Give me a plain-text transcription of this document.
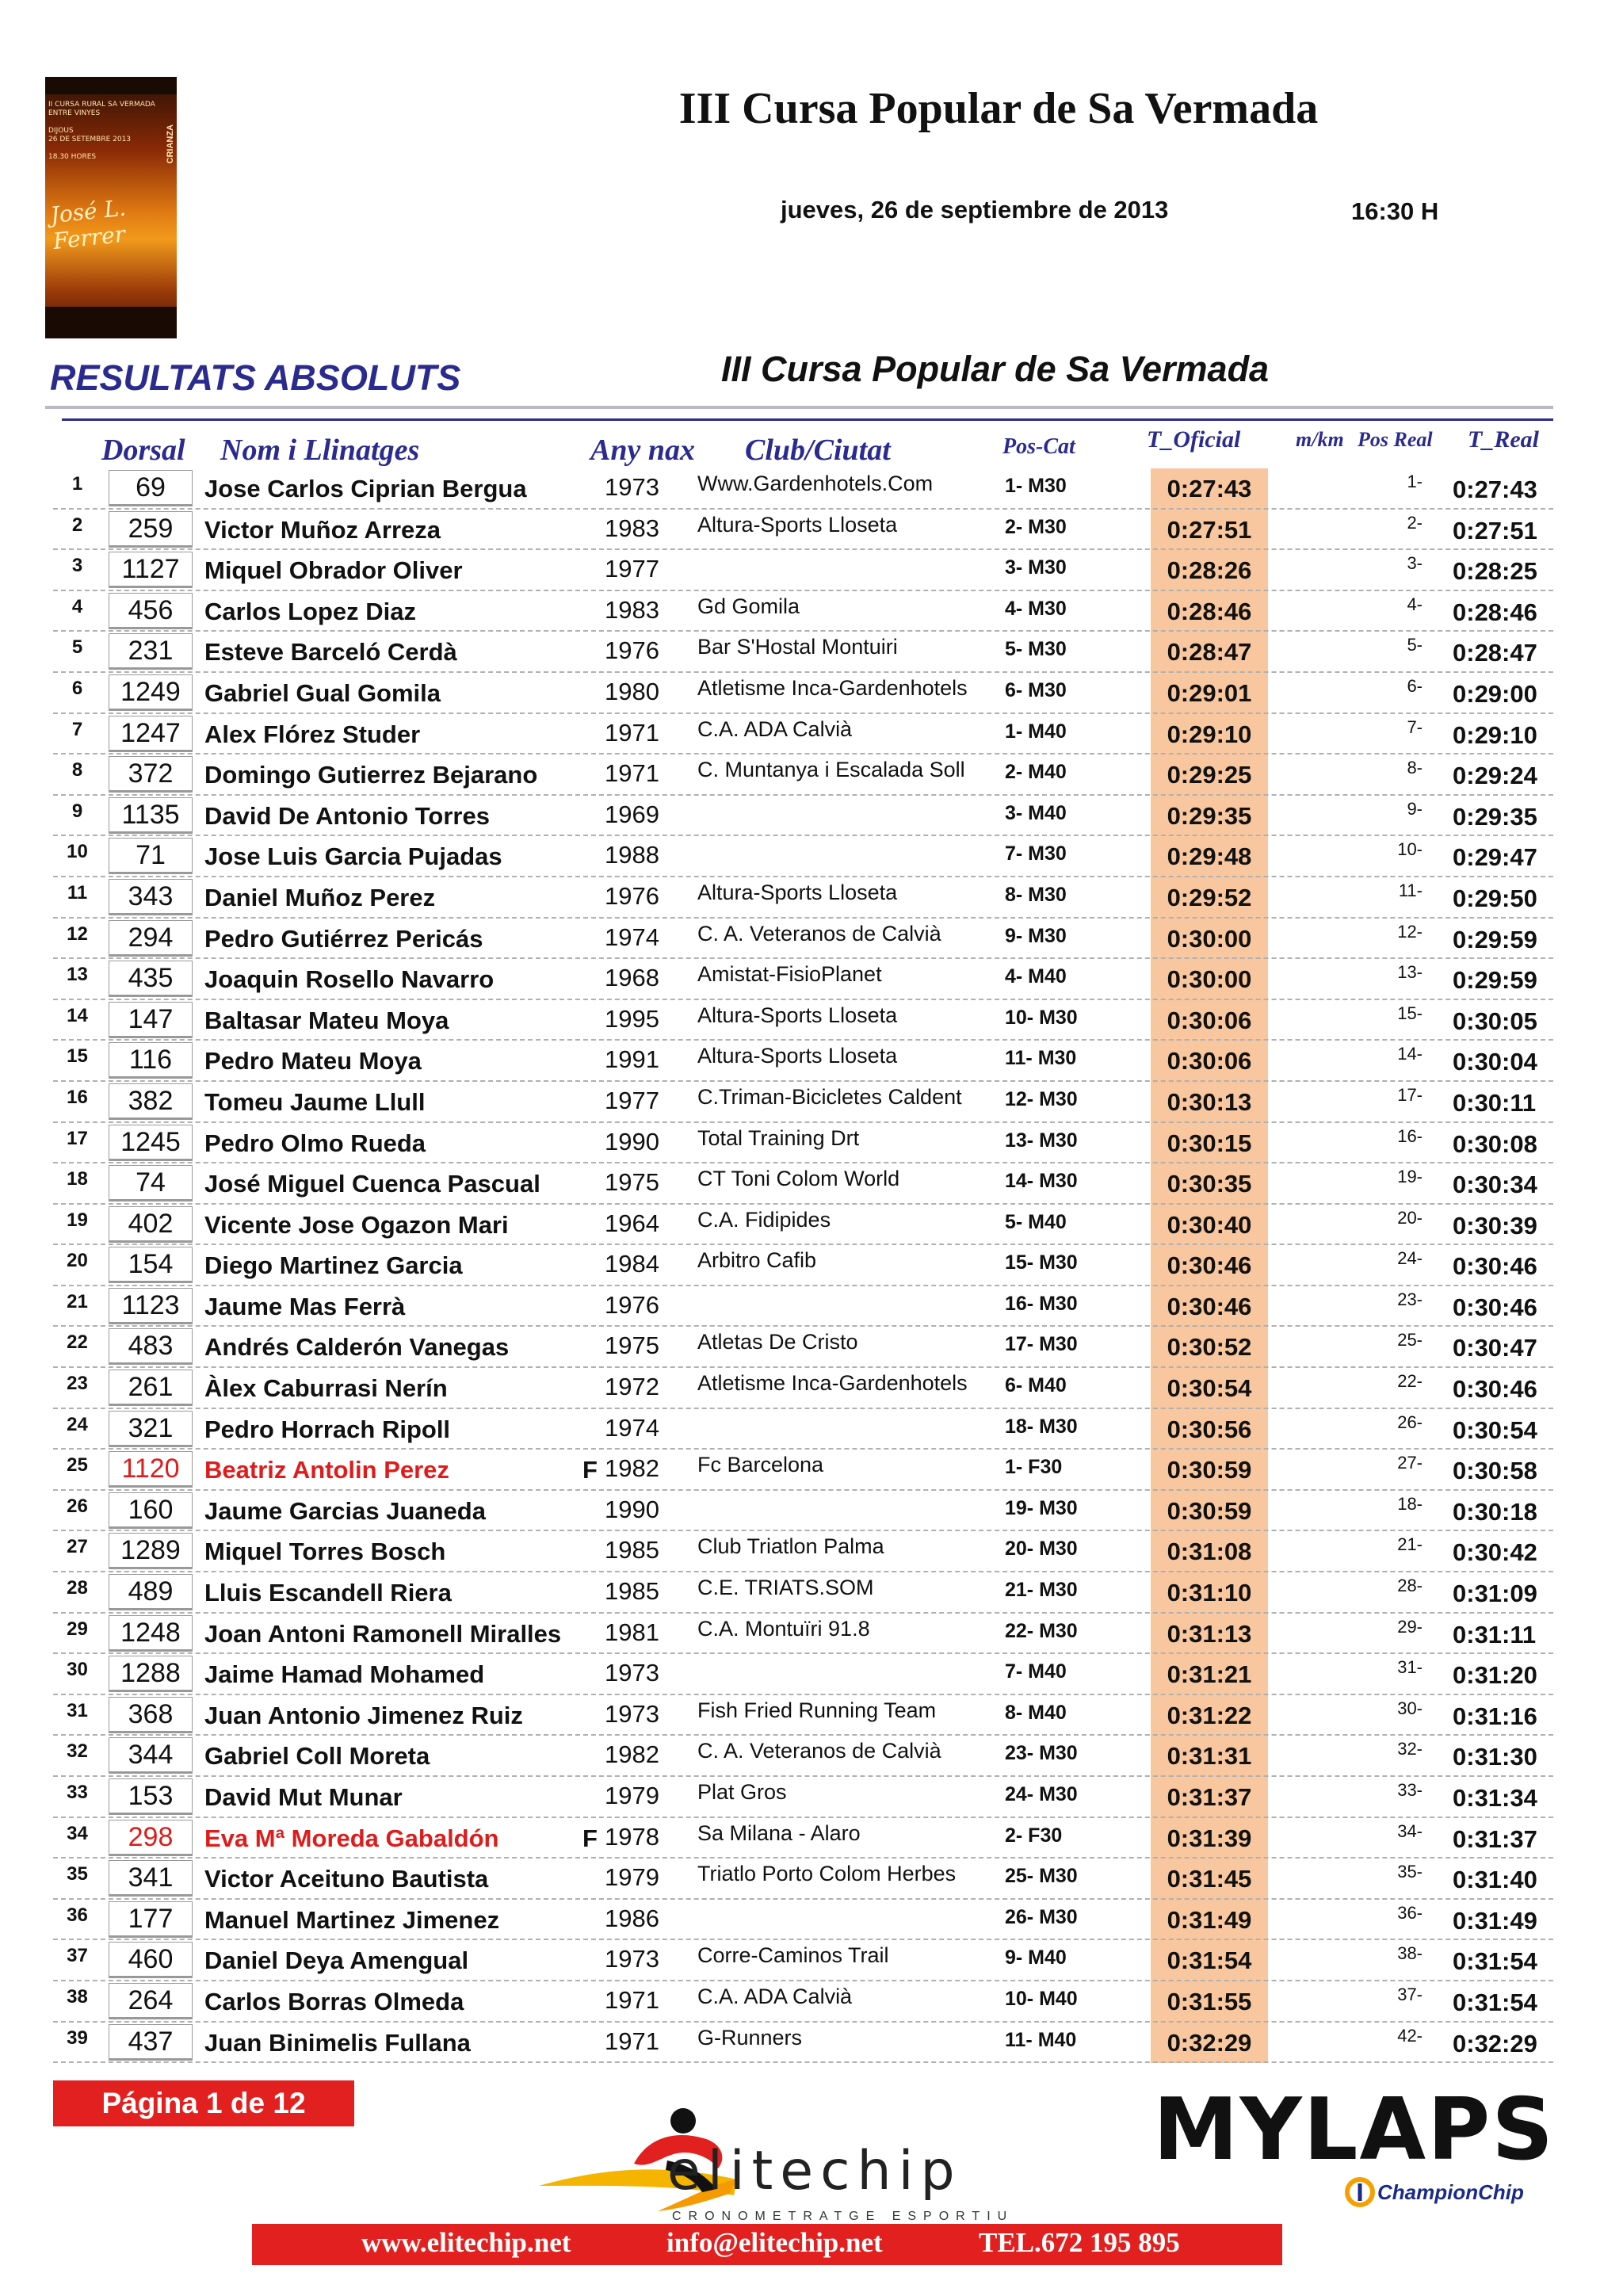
II CURSA RURAL SA VERMADA
ENTRE VINYES

DIJOUS
26 DE SETEMBRE 2013

18.30 HORES
José L. Ferrer
CRIANZA
III Cursa Popular de Sa Vermada
jueves, 26 de septiembre de 2013	16:30 H
RESULTATS ABSOLUTS	III Cursa Popular de Sa Vermada
Dorsal Nom i Llinatges	Any nax Club/Ciutat	Pos-Cat	T_Oficial	m/km Pos Real T_Real
1	69	Jose Carlos Ciprian Bergua	1973 Www.Gardenhotels.Com	1- M30	0:27:43	1- 0:27:43
2	259	Victor Muñoz Arreza	1983 Altura-Sports Lloseta	2- M30	0:27:51	2- 0:27:51
3	1127	Miquel Obrador Oliver	1977	3- M30	0:28:26	3- 0:28:25
4	456	Carlos Lopez Diaz	1983 Gd Gomila	4- M30	0:28:46	4- 0:28:46
5	231	Esteve Barceló Cerdà	1976 Bar S'Hostal Montuiri	5- M30	0:28:47	5- 0:28:47
6	1249 Gabriel Gual Gomila	1980 Atletisme Inca-Gardenhotels 6- M30	0:29:01	6- 0:29:00
7	1247 Alex Flórez Studer	1971 C.A. ADA Calvià	1- M40	0:29:10	7- 0:29:10
8	372	Domingo Gutierrez Bejarano	1971 C. Muntanya i Escalada Soll 2- M40	0:29:25	8- 0:29:24
9	1135	David De Antonio Torres	1969	3- M40	0:29:35	9- 0:29:35
10	71	Jose Luis Garcia Pujadas	1988	7- M30	0:29:48	10- 0:29:47
11	343	Daniel Muñoz Perez	1976 Altura-Sports Lloseta	8- M30	0:29:52	11- 0:29:50
12	294	Pedro Gutiérrez Pericás	1974 C. A. Veteranos de Calvià	9- M30	0:30:00	12- 0:29:59
13	435	Joaquin Rosello Navarro	1968 Amistat-FisioPlanet	4- M40	0:30:00	13- 0:29:59
14	147	Baltasar Mateu Moya	1995 Altura-Sports Lloseta	10- M30	0:30:06	15- 0:30:05
15	116	Pedro Mateu Moya	1991 Altura-Sports Lloseta	11- M30	0:30:06	14- 0:30:04
16	382	Tomeu Jaume Llull	1977 C.Triman-Bicicletes Caldent 12- M30	0:30:13	17- 0:30:11
17	1245 Pedro Olmo Rueda	1990 Total Training Drt	13- M30	0:30:15	16- 0:30:08
18	74	José Miguel Cuenca Pascual	1975 CT Toni Colom World	14- M30	0:30:35	19- 0:30:34
19	402	Vicente Jose Ogazon Mari	1964 C.A. Fidipides	5- M40	0:30:40	20- 0:30:39
20	154	Diego Martinez Garcia	1984 Arbitro Cafib	15- M30	0:30:46	24- 0:30:46
21	1123	Jaume Mas Ferrà	1976	16- M30	0:30:46	23- 0:30:46
22	483	Andrés Calderón Vanegas	1975 Atletas De Cristo	17- M30	0:30:52	25- 0:30:47
23	261	Àlex Caburrasi Nerín	1972 Atletisme Inca-Gardenhotels 6- M40	0:30:54	22- 0:30:46
24	321	Pedro Horrach Ripoll	1974	18- M30	0:30:56	26- 0:30:54
25	1120	Beatriz Antolin Perez	F 1982 Fc Barcelona	1- F30	0:30:59	27- 0:30:58
26	160	Jaume Garcias Juaneda	1990	19- M30	0:30:59	18- 0:30:18
27	1289 Miquel Torres Bosch	1985 Club Triatlon Palma	20- M30	0:31:08	21- 0:30:42
28	489	Lluis Escandell Riera	1985 C.E. TRIATS.SOM	21- M30	0:31:10	28- 0:31:09
29	1248 Joan Antoni Ramonell Miralles 1981 C.A. Montuïri 91.8	22- M30	0:31:13	29- 0:31:11
30	1288 Jaime Hamad Mohamed	1973	7- M40	0:31:21	31- 0:31:20
31	368	Juan Antonio Jimenez Ruiz	1973 Fish Fried Running Team	8- M40	0:31:22	30- 0:31:16
32	344	Gabriel Coll Moreta	1982 C. A. Veteranos de Calvià	23- M30	0:31:31	32- 0:31:30
33	153	David Mut Munar	1979 Plat Gros	24- M30	0:31:37	33- 0:31:34
34	298	Eva Mª Moreda Gabaldón	F 1978 Sa Milana - Alaro	2- F30	0:31:39	34- 0:31:37
35	341	Victor Aceituno Bautista	1979 Triatlo Porto Colom Herbes 25- M30	0:31:45	35- 0:31:40
36	177	Manuel Martinez Jimenez	1986	26- M30	0:31:49	36- 0:31:49
37	460	Daniel Deya Amengual	1973 Corre-Caminos Trail	9- M40	0:31:54	38- 0:31:54
38	264	Carlos Borras Olmeda	1971 C.A. ADA Calvià	10- M40	0:31:55	37- 0:31:54
39	437	Juan Binimelis Fullana	1971 G-Runners	11- M40	0:32:29	42- 0:32:29
Página 1 de 12
elitechip
CRONOMETRATGE ESPORTIU
MYLAPS
ChampionChip
www.elitechip.net	info@elitechip.net	TEL.672 195 895
